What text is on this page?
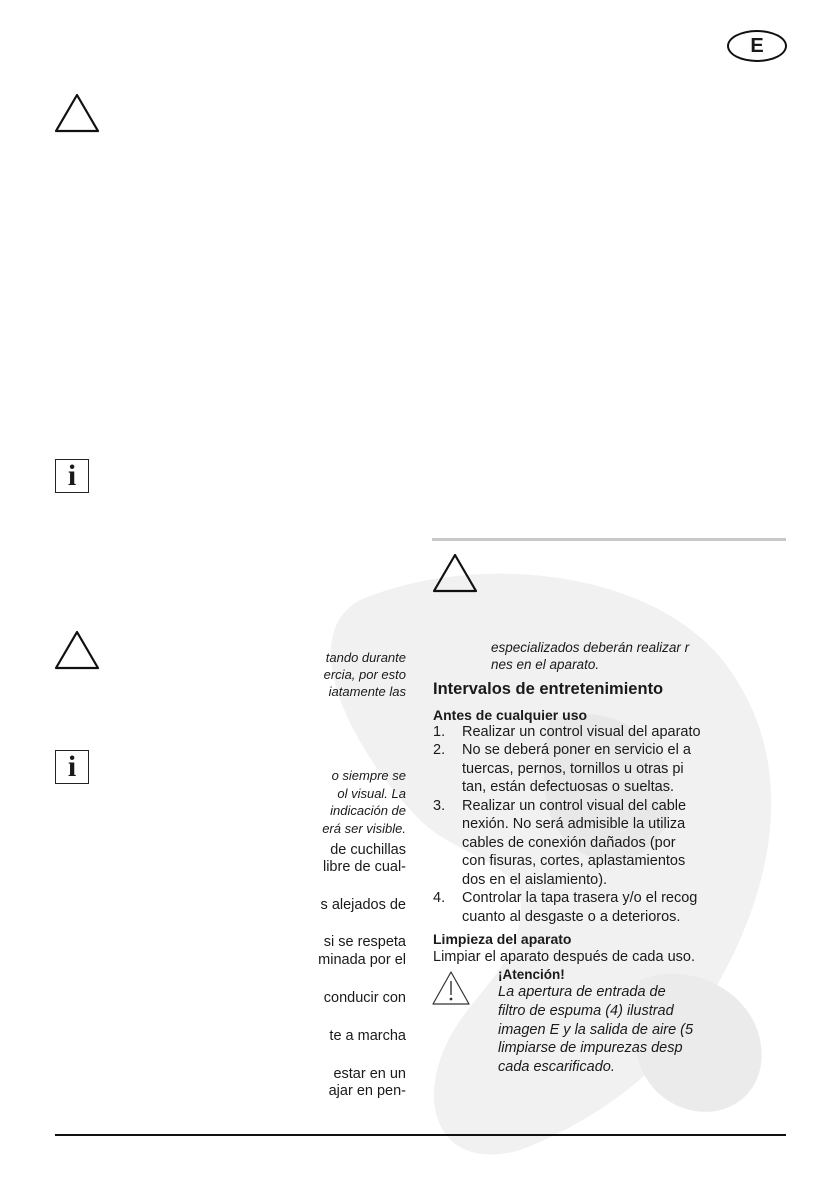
E
i
i
tando durante
ercia, por esto
iatamente las
o siempre se
ol visual. La
indicación de
erá ser visible.
de cuchillas
libre de cual-
s alejados de
si se respeta
minada por el
conducir con
te a marcha
estar en un
ajar en pen-
especializados deberán realizar r
nes en el aparato.
Intervalos de entretenimiento
Antes de cualquier uso
1. Realizar un control visual del aparato
2. No se deberá poner en servicio el a
tuercas, pernos, tornillos u otras pi
tan, están defectuosas o sueltas.
3. Realizar un control visual del cable
nexión. No será admisible la utiliza
cables de conexión dañados (por
con fisuras, cortes, aplastamientos
dos en el aislamiento).
4. Controlar la tapa trasera y/o el recog
cuanto al desgaste o a deterioros.
Limpieza del aparato
Limpiar el aparato después de cada uso.
¡Atención!
La apertura de entrada de
filtro de espuma (4) ilustrad
imagen E y la salida de aire (5
limpiarse de impurezas desp
cada escarificado.
